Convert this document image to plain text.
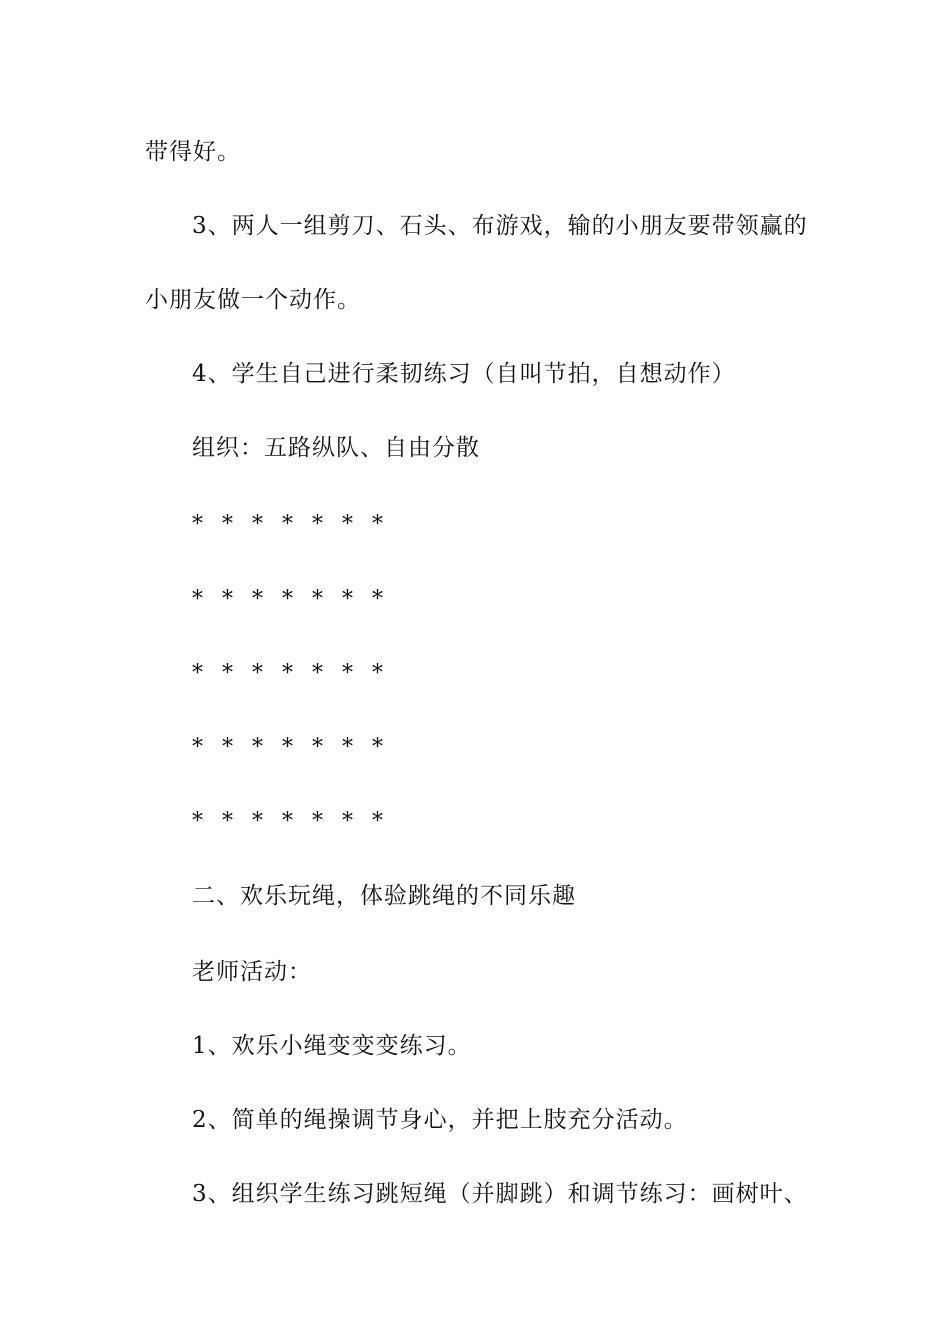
带得好。
3、两人一组剪刀、石头、布游戏，输的小朋友要带领赢的
小朋友做一个动作。
4、学生自己进行柔韧练习（自叫节拍，自想动作）
组织：五路纵队、自由分散
* * * * * * *
* * * * * * *
* * * * * * *
* * * * * * *
* * * * * * *
二、欢乐玩绳，体验跳绳的不同乐趣
老师活动：
1、欢乐小绳变变变练习。
2、简单的绳操调节身心，并把上肢充分活动。
3、组织学生练习跳短绳（并脚跳）和调节练习：画树叶、
